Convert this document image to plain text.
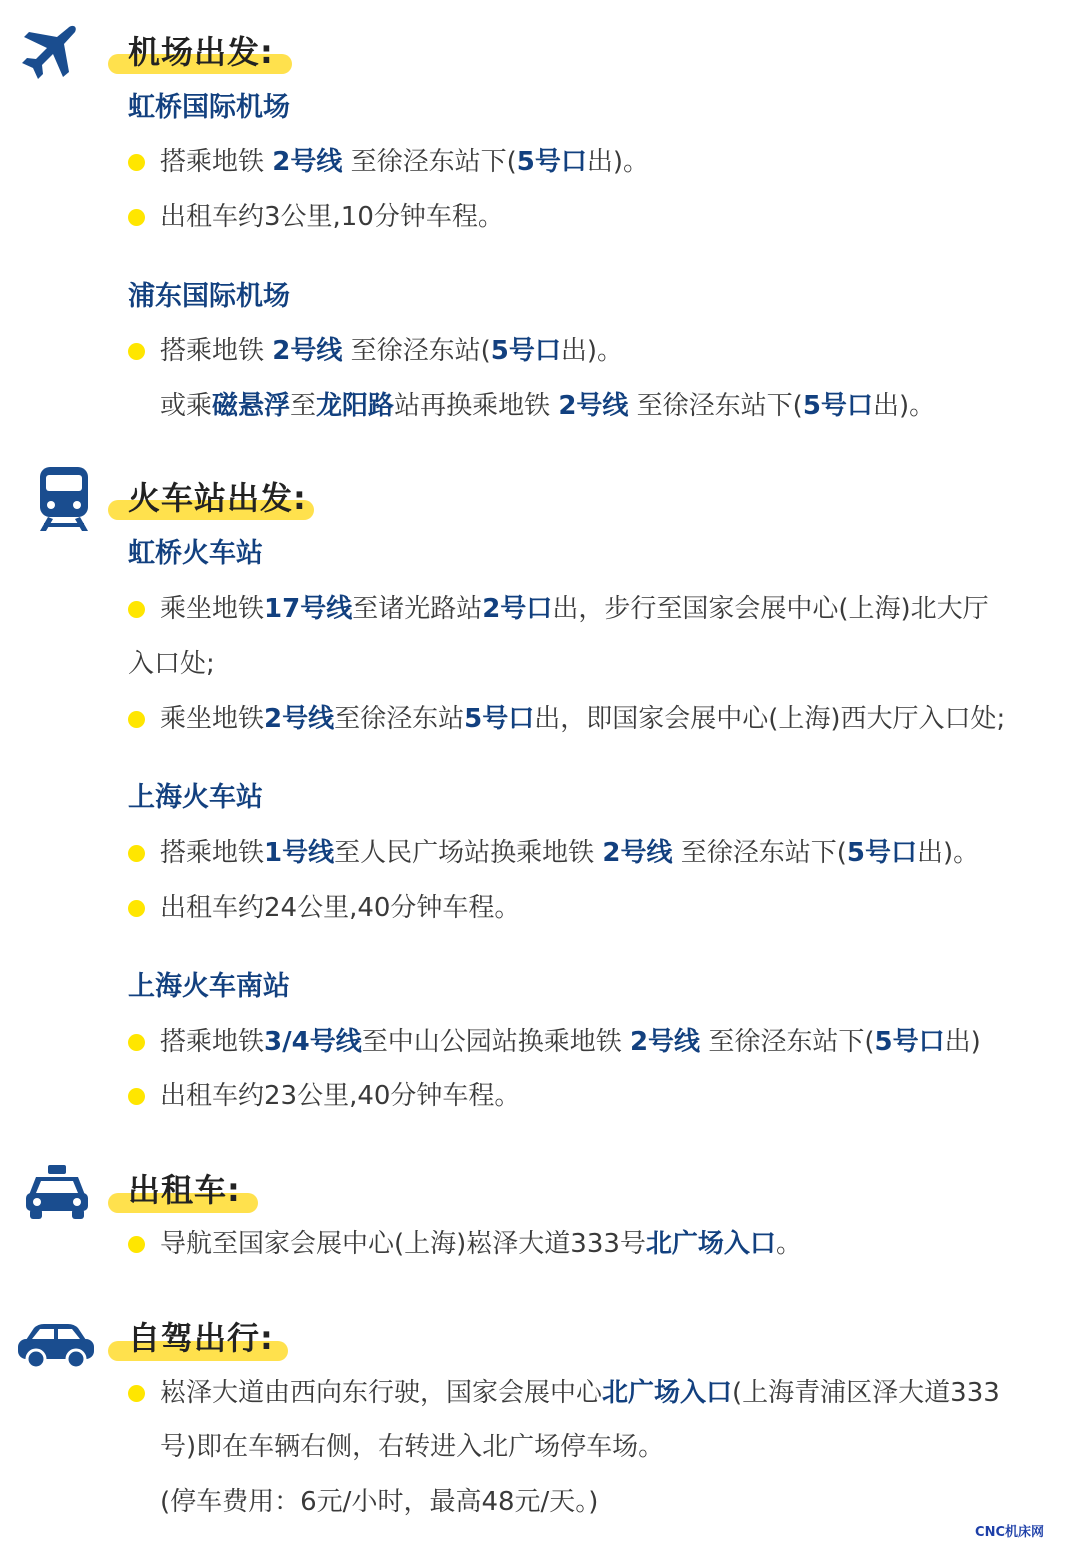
机场出发:
虹桥国际机场
搭乘地铁 2号线 至徐泾东站下(5号口出)。
出租车约3公里,10分钟车程。
浦东国际机场
搭乘地铁 2号线 至徐泾东站(5号口出)。
或乘磁悬浮至龙阳路站再换乘地铁 2号线 至徐泾东站下(5号口出)。
火车站出发:
虹桥火车站
乘坐地铁17号线至诸光路站2号口出，步行至国家会展中心(上海)北大厅
入口处;
乘坐地铁2号线至徐泾东站5号口出，即国家会展中心(上海)西大厅入口处;
上海火车站
搭乘地铁1号线至人民广场站换乘地铁 2号线 至徐泾东站下(5号口出)。
出租车约24公里,40分钟车程。
上海火车南站
搭乘地铁3/4号线至中山公园站换乘地铁 2号线 至徐泾东站下(5号口出)
出租车约23公里,40分钟车程。
出租车:
导航至国家会展中心(上海)崧泽大道333号北广场入口。
自驾出行:
崧泽大道由西向东行驶，国家会展中心北广场入口(上海青浦区泽大道333
号)即在车辆右侧，右转进入北广场停车场。
(停车费用：6元/小时，最高48元/天。)
CNC机床网
